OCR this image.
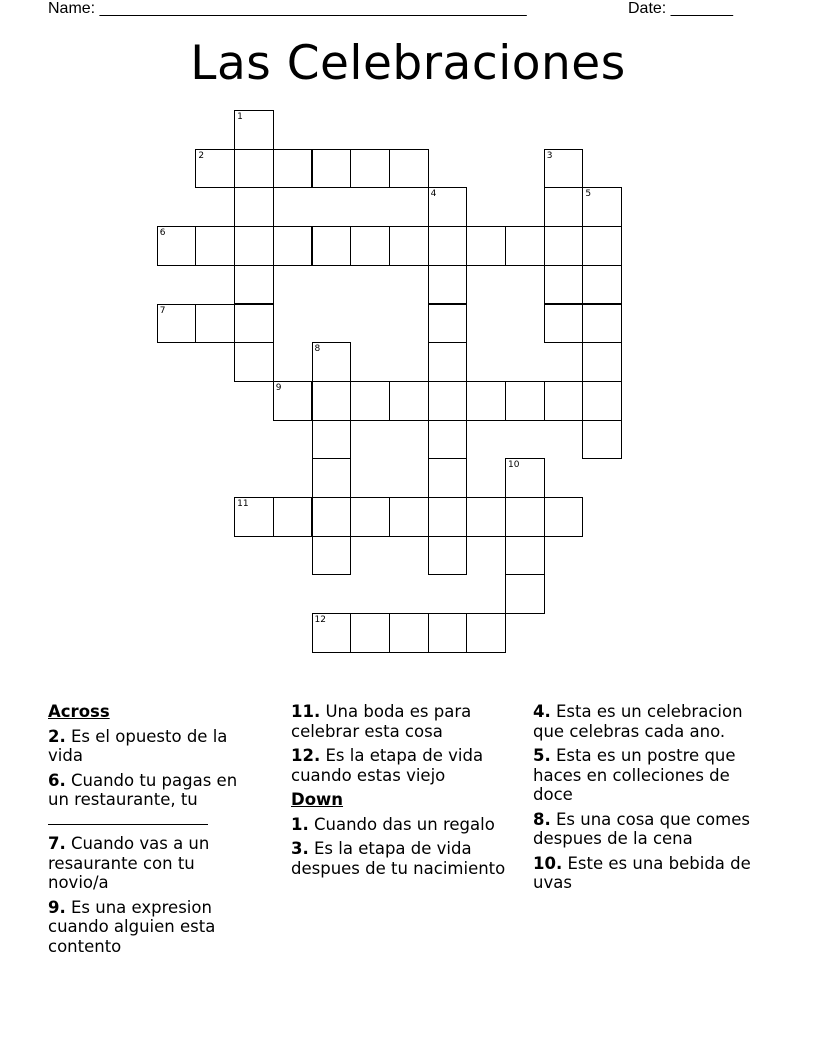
Name: ________________________________________________	Date: _______
Las Celebraciones
1
2	3
4	5
6
7
8
9
10
11
12
Across
2. Es el opuesto de la vida
6. Cuando tu pagas en un restaurante, tu

7. Cuando vas a un resaurante con tu novio/a
9. Es una expresion cuando alguien esta contento
11. Una boda es para celebrar esta cosa
12. Es la etapa de vida cuando estas viejo
Down
1. Cuando das un regalo
3. Es la etapa de vida despues de tu nacimiento
4. Esta es un celebracion que celebras cada ano.
5. Esta es un postre que haces en colleciones de doce
8. Es una cosa que comes despues de la cena
10. Este es una bebida de uvas
